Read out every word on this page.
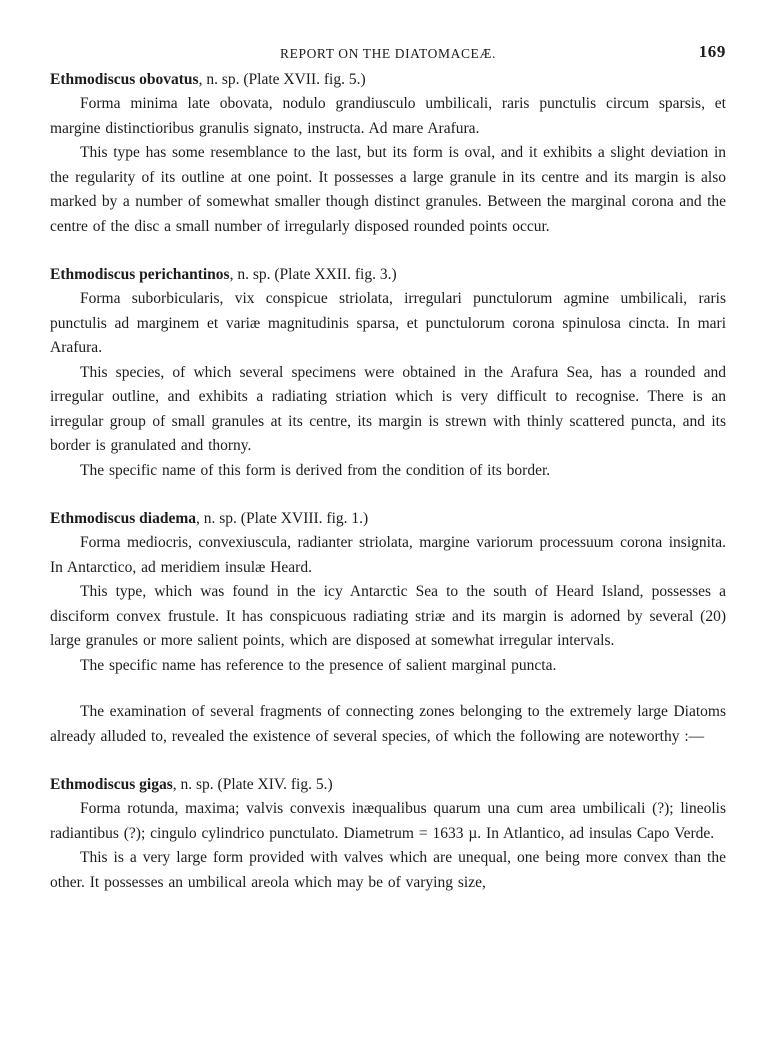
REPORT ON THE DIATOMACEÆ.	169

Ethmodiscus obovatus, n. sp. (Plate XVII. fig. 5.)

Forma minima late obovata, nodulo grandiusculo umbilicali, raris punctulis circum sparsis, et margine distinctioribus granulis signato, instructa. Ad mare Arafura.

This type has some resemblance to the last, but its form is oval, and it exhibits a slight deviation in the regularity of its outline at one point. It possesses a large granule in its centre and its margin is also marked by a number of somewhat smaller though distinct granules. Between the marginal corona and the centre of the disc a small number of irregularly disposed rounded points occur.

Ethmodiscus perichantinos, n. sp. (Plate XXII. fig. 3.)

Forma suborbicularis, vix conspicue striolata, irregulari punctulorum agmine umbilicali, raris punctulis ad marginem et variæ magnitudinis sparsa, et punctulorum corona spinulosa cincta. In mari Arafura.

This species, of which several specimens were obtained in the Arafura Sea, has a rounded and irregular outline, and exhibits a radiating striation which is very difficult to recognise. There is an irregular group of small granules at its centre, its margin is strewn with thinly scattered puncta, and its border is granulated and thorny.

The specific name of this form is derived from the condition of its border.

Ethmodiscus diadema, n. sp. (Plate XVIII. fig. 1.)

Forma mediocris, convexiuscula, radianter striolata, margine variorum processuum corona insignita. In Antarctico, ad meridiem insulæ Heard.

This type, which was found in the icy Antarctic Sea to the south of Heard Island, possesses a disciform convex frustule. It has conspicuous radiating striæ and its margin is adorned by several (20) large granules or more salient points, which are disposed at somewhat irregular intervals.

The specific name has reference to the presence of salient marginal puncta.

The examination of several fragments of connecting zones belonging to the extremely large Diatoms already alluded to, revealed the existence of several species, of which the following are noteworthy :—

Ethmodiscus gigas, n. sp. (Plate XIV. fig. 5.)

Forma rotunda, maxima; valvis convexis inæqualibus quarum una cum area umbilicali (?); lineolis radiantibus (?); cingulo cylindrico punctulato. Diametrum = 1633 µ. In Atlantico, ad insulas Capo Verde.

This is a very large form provided with valves which are unequal, one being more convex than the other. It possesses an umbilical areola which may be of varying size,
